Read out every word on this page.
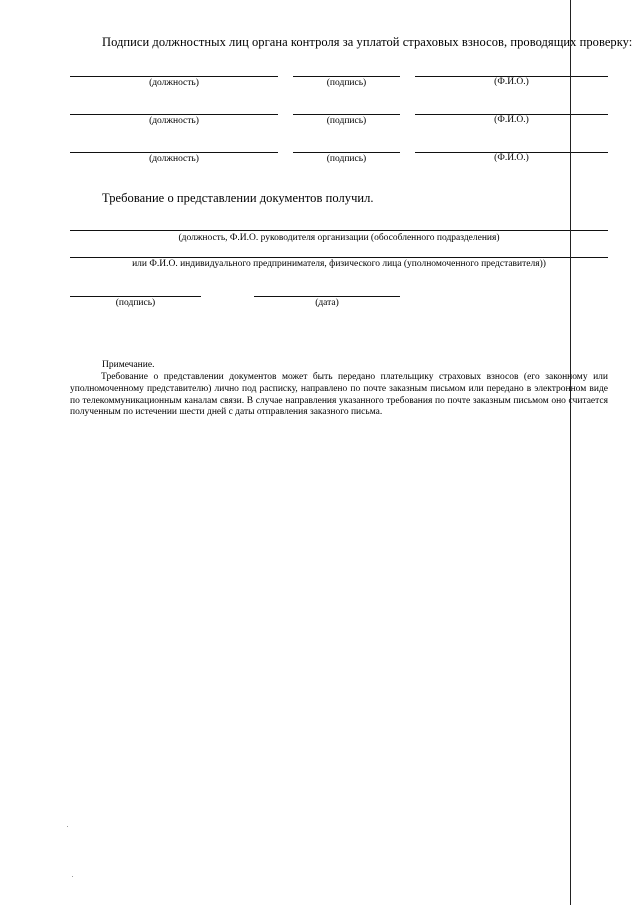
Подписи должностных лиц органа контроля за уплатой страховых взносов, проводящих проверку:
(должность)	(подпись)	(Ф.И.О.)
(должность)	(подпись)	(Ф.И.О.)
(должность)	(подпись)	(Ф.И.О.)
Требование о представлении документов получил.
(должность, Ф.И.О. руководителя организации (обособленного подразделения)
или Ф.И.О. индивидуального предпринимателя, физического лица (уполномоченного представителя))
(подпись)	(дата)
Примечание.
Требование о представлении документов может быть передано плательщику страховых взносов (его законному или уполномоченному представителю) лично под расписку, направлено по почте заказным письмом или передано в электронном виде по телекоммуникационным каналам связи. В случае направления указанного требования по почте заказным письмом оно считается полученным по истечении шести дней с даты отправления заказного письма.
